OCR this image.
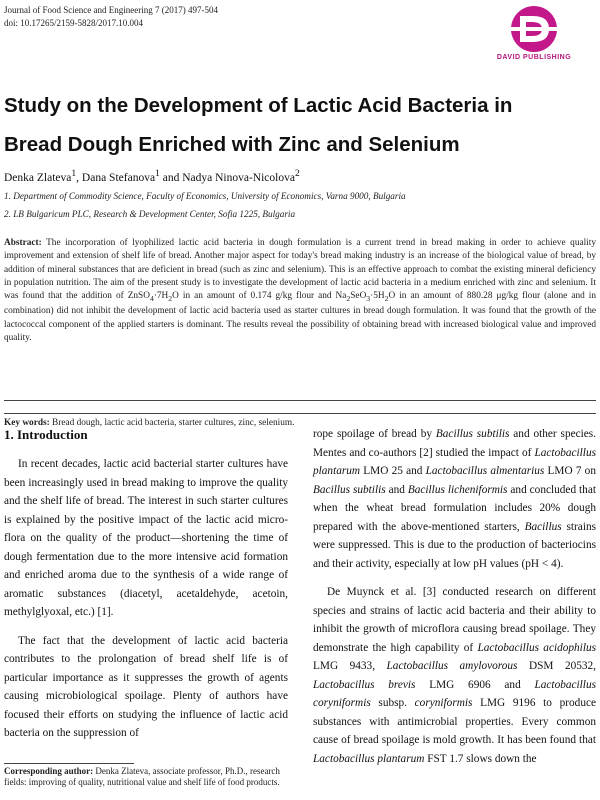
Journal of Food Science and Engineering 7 (2017) 497-504
doi: 10.17265/2159-5828/2017.10.004
DAVID PUBLISHING
Study on the Development of Lactic Acid Bacteria in
Bread Dough Enriched with Zinc and Selenium
Denka Zlateva$^1$, Dana Stefanova$^1$ and Nadya Ninova-Nicolova$^2$
1. Department of Commodity Science, Faculty of Economics, University of Economics, Varna 9000, Bulgaria
2. LB Bulgaricum PLC, Research & Development Center, Sofia 1225, Bulgaria
Abstract: The incorporation of lyophilized lactic acid bacteria in dough formulation is a current trend in bread making in order to achieve quality improvement and extension of shelf life of bread. Another major aspect for today's bread making industry is an increase of the biological value of bread, by addition of mineral substances that are deficient in bread (such as zinc and selenium). This is an effective approach to combat the existing mineral deficiency in population nutrition. The aim of the present study is to investigate the development of lactic acid bacteria in a medium enriched with zinc and selenium. It was found that the addition of $ZnSO_4\cdot 7H_2O$ in an amount of 0.174 g/kg flour and $Na_2SeO_3\cdot 5H_2O$ in an amount of 880.28 μg/kg flour (alone and in combination) did not inhibit the development of lactic acid bacteria used as starter cultures in bread dough formulation. It was found that the growth of the lactococcal component of the applied starters is dominant. The results reveal the possibility of obtaining bread with increased biological value and improved quality.
Key words: Bread dough, lactic acid bacteria, starter cultures, zinc, selenium.
1. Introduction

In recent decades, lactic acid bacterial starter cultures have been increasingly used in bread making to improve the quality and the shelf life of bread. The interest in such starter cultures is explained by the positive impact of the lactic acid micro-flora on the quality of the product—shortening the time of dough fermentation due to the more intensive acid formation and enriched aroma due to the synthesis of a wide range of aromatic substances (diacetyl, acetaldehyde, acetoin, methylglyoxal, etc.) [1].

The fact that the development of lactic acid bacteria contributes to the prolongation of bread shelf life is of particular importance as it suppresses the growth of agents causing microbiological spoilage. Plenty of authors have focused their efforts on studying the influence of lactic acid bacteria on the suppression of

rope spoilage of bread by Bacillus subtilis and other species. Mentes and co-authors [2] studied the impact of Lactobacillus plantarum LMO 25 and Lactobacillus almentarius LMO 7 on Bacillus subtilis and Bacillus licheniformis and concluded that when the wheat bread formulation includes 20% dough prepared with the above-mentioned starters, Bacillus strains were suppressed. This is due to the production of bacteriocins and their activity, especially at low pH values (pH < 4).

De Muynck et al. [3] conducted research on different species and strains of lactic acid bacteria and their ability to inhibit the growth of microflora causing bread spoilage. They demonstrate the high capability of Lactobacillus acidophilus LMG 9433, Lactobacillus amylovorous DSM 20532, Lactobacillus brevis LMG 6906 and Lactobacillus coryniformis subsp. coryniformis LMG 9196 to produce substances with antimicrobial properties. Every common cause of bread spoilage is mold growth. It has been found that Lactobacillus plantarum FST 1.7 slows down the

Corresponding author: Denka Zlateva, associate professor, Ph.D., research fields: improving of quality, nutritional value and shelf life of food products.
